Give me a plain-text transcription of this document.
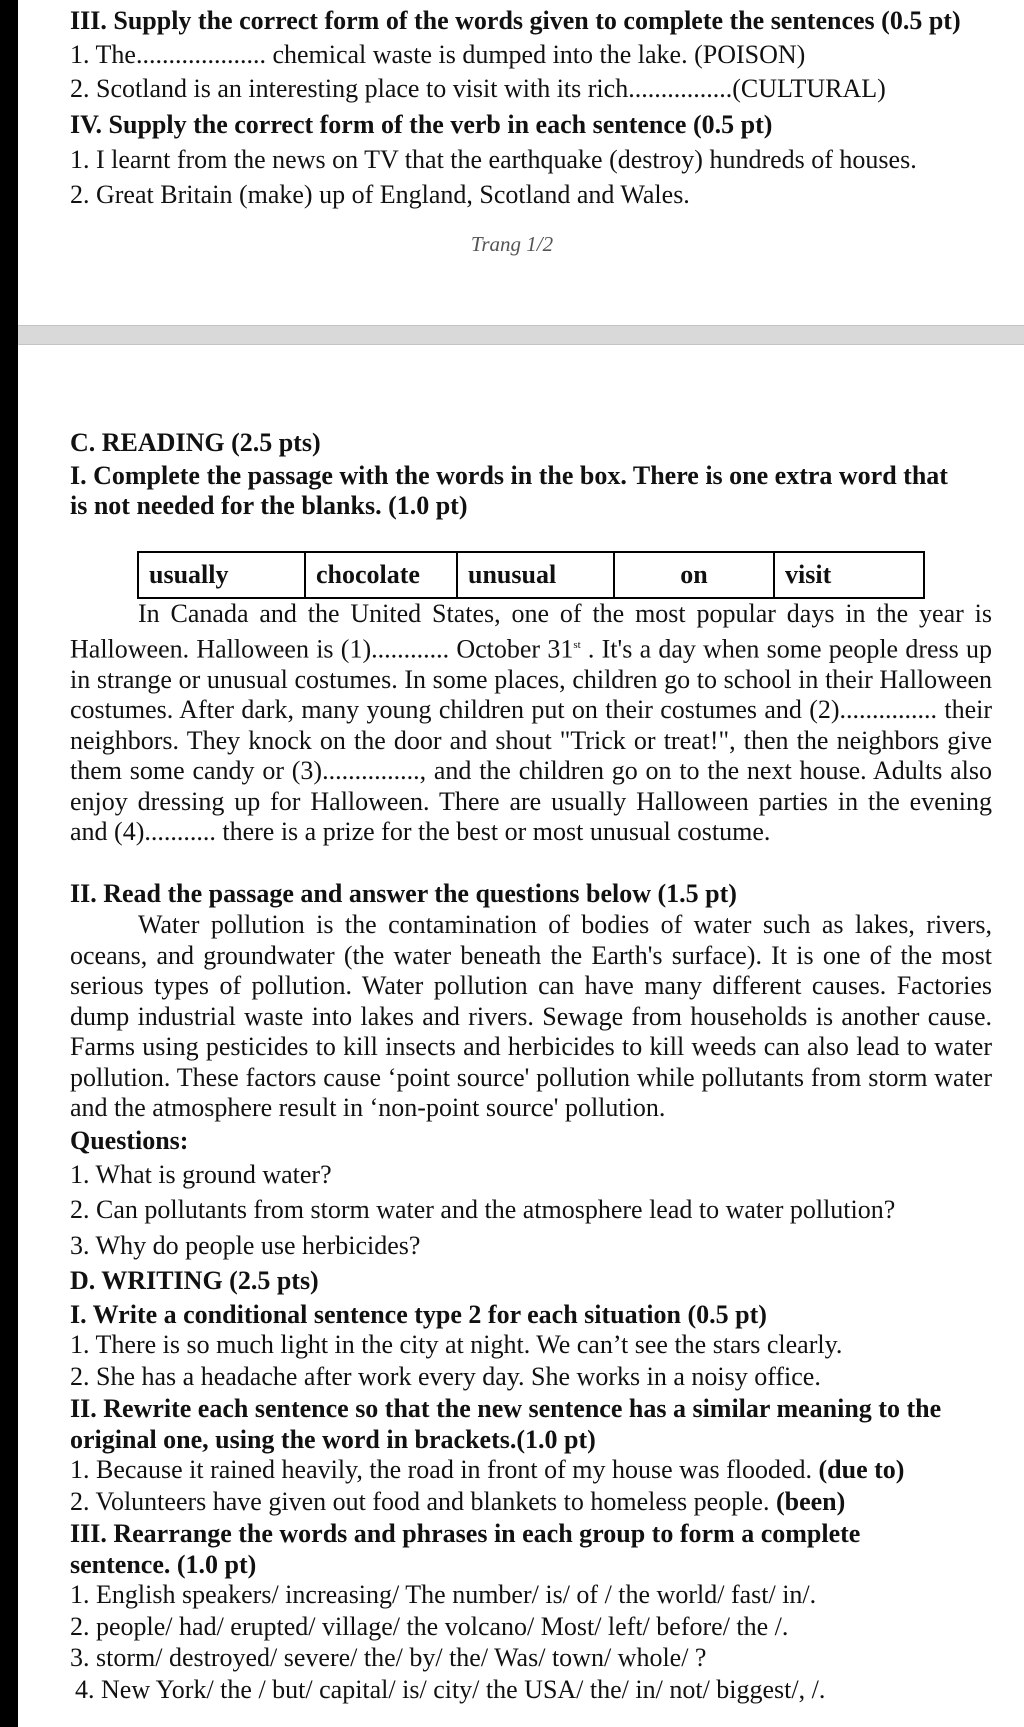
III. Supply the correct form of the words given to complete the sentences (0.5 pt)
1. The.................... chemical waste is dumped into the lake. (POISON)
2. Scotland is an interesting place to visit with its rich................(CULTURAL)
IV. Supply the correct form of the verb in each sentence (0.5 pt)
1. I learnt from the news on TV that the earthquake (destroy) hundreds of houses.
2. Great Britain (make) up of England, Scotland and Wales.
Trang 1/2
C. READING (2.5 pts)
I. Complete the passage with the words in the box. There is one extra word that
is not needed for the blanks. (1.0 pt)
usually	chocolate	unusual	on	visit

In Canada and the United States, one of the most popular days in the year is Halloween. Halloween is (1)............ October 31st . It's a day when some people dress up in strange or unusual costumes. In some places, children go to school in their Halloween costumes. After dark, many young children put on their costumes and (2)............... their neighbors. They knock on the door and shout "Trick or treat!", then the neighbors give them some candy or (3)..............., and the children go on to the next house. Adults also enjoy dressing up for Halloween. There are usually Halloween parties in the evening and (4)........... there is a prize for the best or most unusual costume.

II. Read the passage and answer the questions below (1.5 pt)

Water pollution is the contamination of bodies of water such as lakes, rivers, oceans, and groundwater (the water beneath the Earth's surface). It is one of the most serious types of pollution. Water pollution can have many different causes. Factories dump industrial waste into lakes and rivers. Sewage from households is another cause. Farms using pesticides to kill insects and herbicides to kill weeds can also lead to water pollution. These factors cause ‘point source' pollution while pollutants from storm water and the atmosphere result in ‘non-point source' pollution.

Questions:
1. What is ground water?
2. Can pollutants from storm water and the atmosphere lead to water pollution?
3. Why do people use herbicides?
D. WRITING (2.5 pts)
I. Write a conditional sentence type 2 for each situation (0.5 pt)
1. There is so much light in the city at night. We can’t see the stars clearly.
2. She has a headache after work every day. She works in a noisy office.
II. Rewrite each sentence so that the new sentence has a similar meaning to the
original one, using the word in brackets.(1.0 pt)
1. Because it rained heavily, the road in front of my house was flooded. (due to)
2. Volunteers have given out food and blankets to homeless people. (been)
III. Rearrange the words and phrases in each group to form a complete
sentence. (1.0 pt)
1. English speakers/ increasing/ The number/ is/ of / the world/ fast/ in/.
2. people/ had/ erupted/ village/ the volcano/ Most/ left/ before/ the /.
3. storm/ destroyed/ severe/ the/ by/ the/ Was/ town/ whole/ ?
4. New York/ the / but/ capital/ is/ city/ the USA/ the/ in/ not/ biggest/, /.
